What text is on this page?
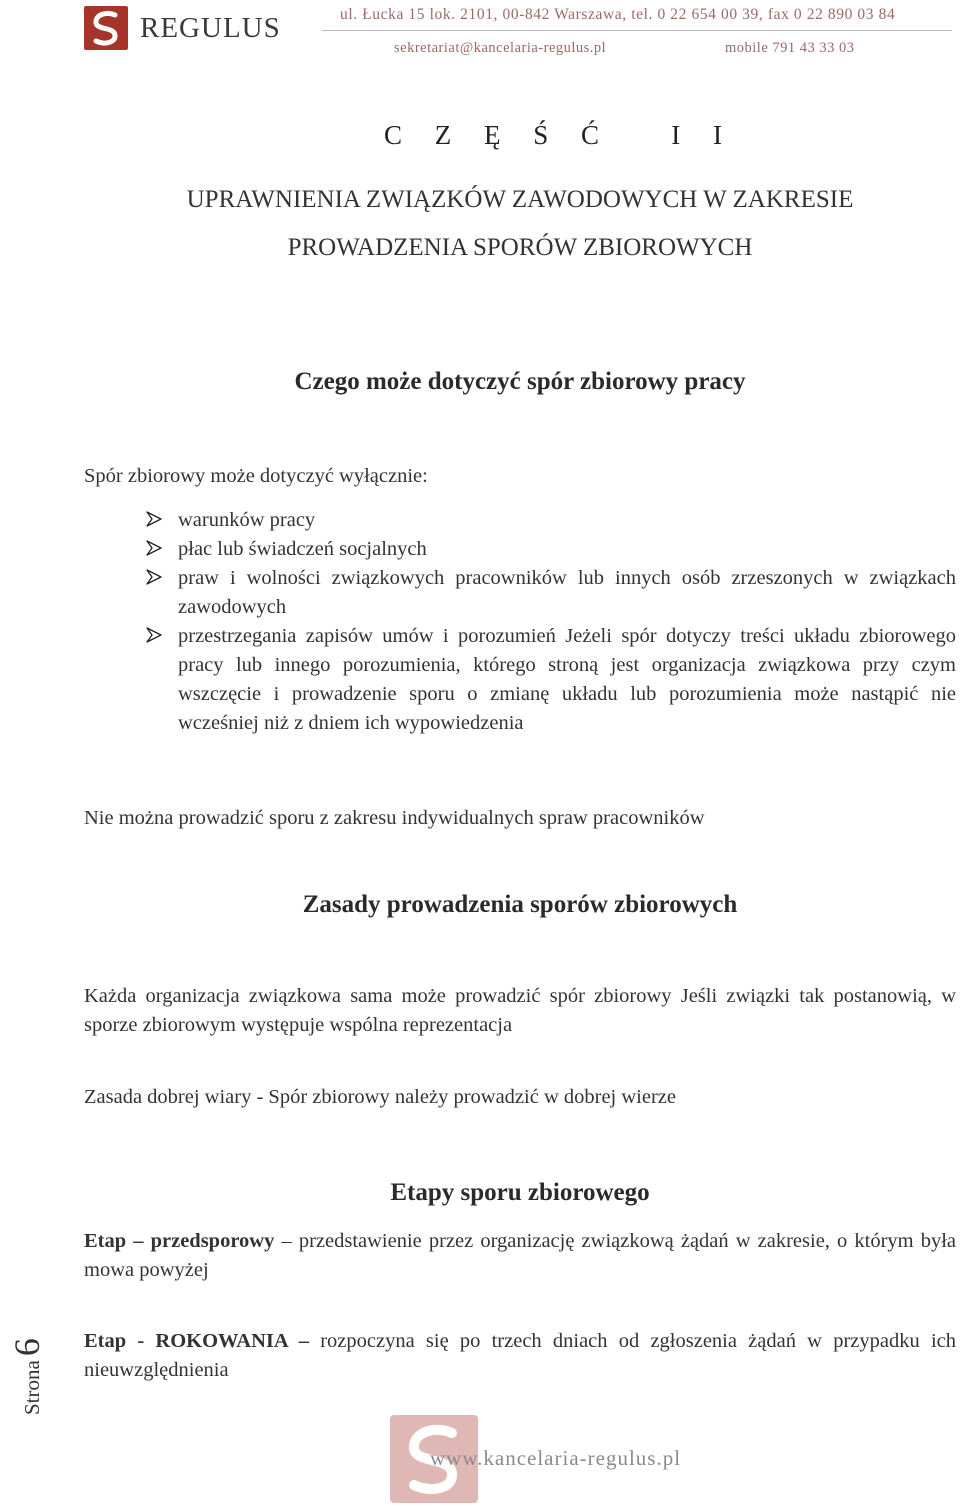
REGULUS	ul. Łucka 15 lok. 2101, 00-842 Warszawa, tel. 0 22 654 00 39, fax 0 22 890 03 84
sekretariat@kancelaria-regulus.pl	mobile 791 43 33 03
C Z Ę Ś Ć   I I
UPRAWNIENIA ZWIĄZKÓW ZAWODOWYCH W ZAKRESIE
PROWADZENIA SPORÓW ZBIOROWYCH
Czego może dotyczyć spór zbiorowy pracy
Spór zbiorowy może dotyczyć wyłącznie:
warunków pracy
płac lub świadczeń socjalnych
praw i wolności związkowych pracowników lub innych osób zrzeszonych w związkach zawodowych
przestrzegania zapisów umów i porozumień Jeżeli spór dotyczy treści układu zbiorowego pracy lub innego porozumienia, którego stroną jest organizacja związkowa przy czym wszczęcie i prowadzenie sporu o zmianę układu lub porozumienia może nastąpić nie wcześniej niż z dniem ich wypowiedzenia
Nie można prowadzić sporu z zakresu indywidualnych spraw pracowników
Zasady prowadzenia sporów zbiorowych
Każda organizacja związkowa sama może prowadzić spór zbiorowy Jeśli związki tak postanowią, w sporze zbiorowym występuje wspólna reprezentacja
Zasada dobrej wiary - Spór zbiorowy należy prowadzić w dobrej wierze
Etapy sporu zbiorowego
Etap – przedsporowy – przedstawienie przez organizację związkową żądań w zakresie, o którym była mowa powyżej
Etap - ROKOWANIA – rozpoczyna się po trzech dniach od zgłoszenia żądań w przypadku ich nieuwzględnienia
Strona
6
www.kancelaria-regulus.pl
